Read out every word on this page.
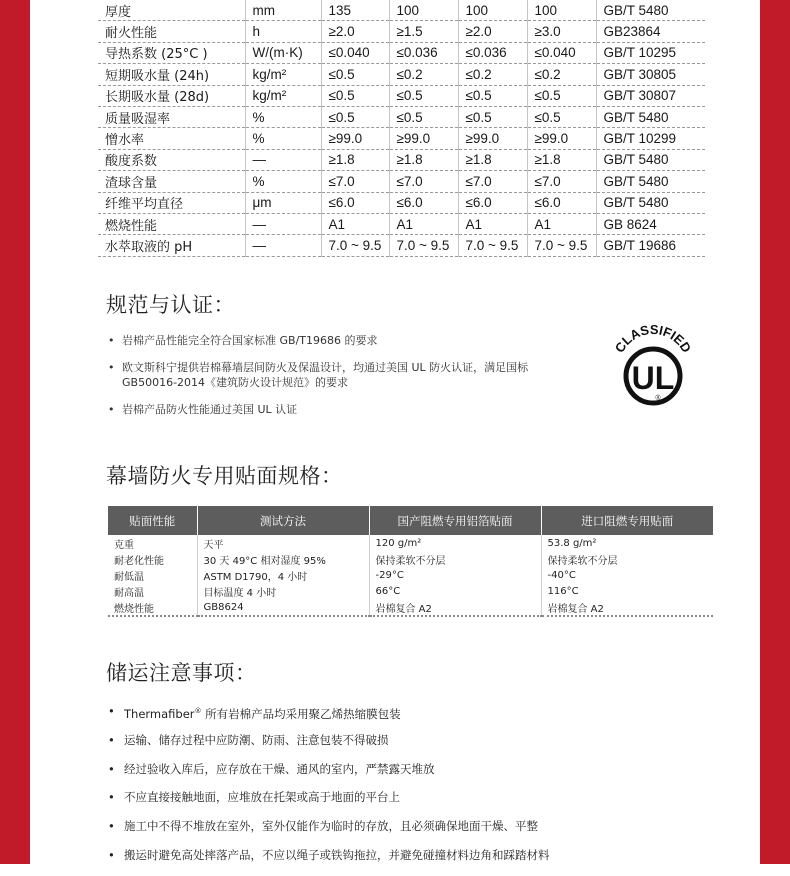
厚度	mm	135	100	100	100	GB/T 5480
耐火性能	h	≥2.0	≥1.5	≥2.0	≥3.0	GB23864
导热系数 (25°C )	W/(m·K)	≤0.040	≤0.036	≤0.036	≤0.040	GB/T 10295
短期吸水量 (24h)	kg/m²	≤0.5	≤0.2	≤0.2	≤0.2	GB/T 30805
长期吸水量 (28d)	kg/m²	≤0.5	≤0.5	≤0.5	≤0.5	GB/T 30807
质量吸湿率	%	≤0.5	≤0.5	≤0.5	≤0.5	GB/T 5480
憎水率	%	≥99.0	≥99.0	≥99.0	≥99.0	GB/T 10299
酸度系数	—	≥1.8	≥1.8	≥1.8	≥1.8	GB/T 5480
渣球含量	%	≤7.0	≤7.0	≤7.0	≤7.0	GB/T 5480
纤维平均直径	μm	≤6.0	≤6.0	≤6.0	≤6.0	GB/T 5480
燃烧性能	—	A1	A1	A1	A1	GB 8624
水萃取液的 pH	—	7.0 ~ 9.5	7.0 ~ 9.5	7.0 ~ 9.5	7.0 ~ 9.5	GB/T 19686
规范与认证：
• 岩棉产品性能完全符合国家标准 GB/T19686 的要求
• 欧文斯科宁提供岩棉幕墙层间防火及保温设计，均通过美国 UL 防火认证，满足国标
GB50016-2014《建筑防火设计规范》的要求
• 岩棉产品防火性能通过美国 UL 认证
CLASSIFIED
UL
®
幕墙防火专用贴面规格：
贴面性能	测试方法	国产阻燃专用铝箔贴面	进口阻燃专用贴面
克重	天平	120 g/m²	53.8 g/m²
耐老化性能	30 天 49°C 相对湿度 95%	保持柔软不分层	保持柔软不分层
耐低温	ASTM D1790，4 小时	-29°C	-40°C
耐高温	目标温度 4 小时	66°C	116°C
燃烧性能	GB8624	岩棉复合 A2	岩棉复合 A2
储运注意事项：
• Thermafiber® 所有岩棉产品均采用聚乙烯热缩膜包装
• 运输、储存过程中应防潮、防雨、注意包装不得破损
• 经过验收入库后，应存放在干燥、通风的室内，严禁露天堆放
• 不应直接接触地面，应堆放在托架或高于地面的平台上
• 施工中不得不堆放在室外，室外仅能作为临时的存放，且必须确保地面干燥、平整
• 搬运时避免高处摔落产品，不应以绳子或铁钩拖拉，并避免碰撞材料边角和踩踏材料
